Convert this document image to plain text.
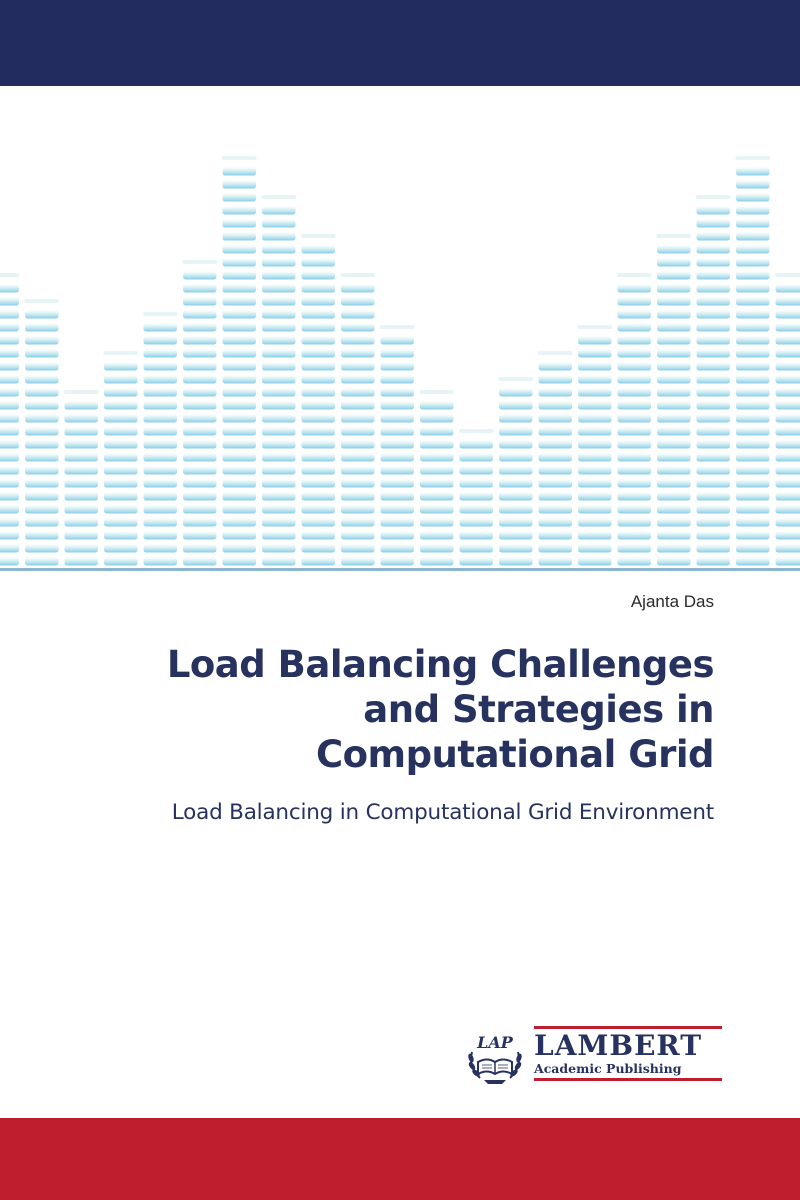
Ajanta Das
Load Balancing Challenges
and Strategies in
Computational Grid
Load Balancing in Computational Grid Environment
LAP LAMBERT
Academic Publishing
